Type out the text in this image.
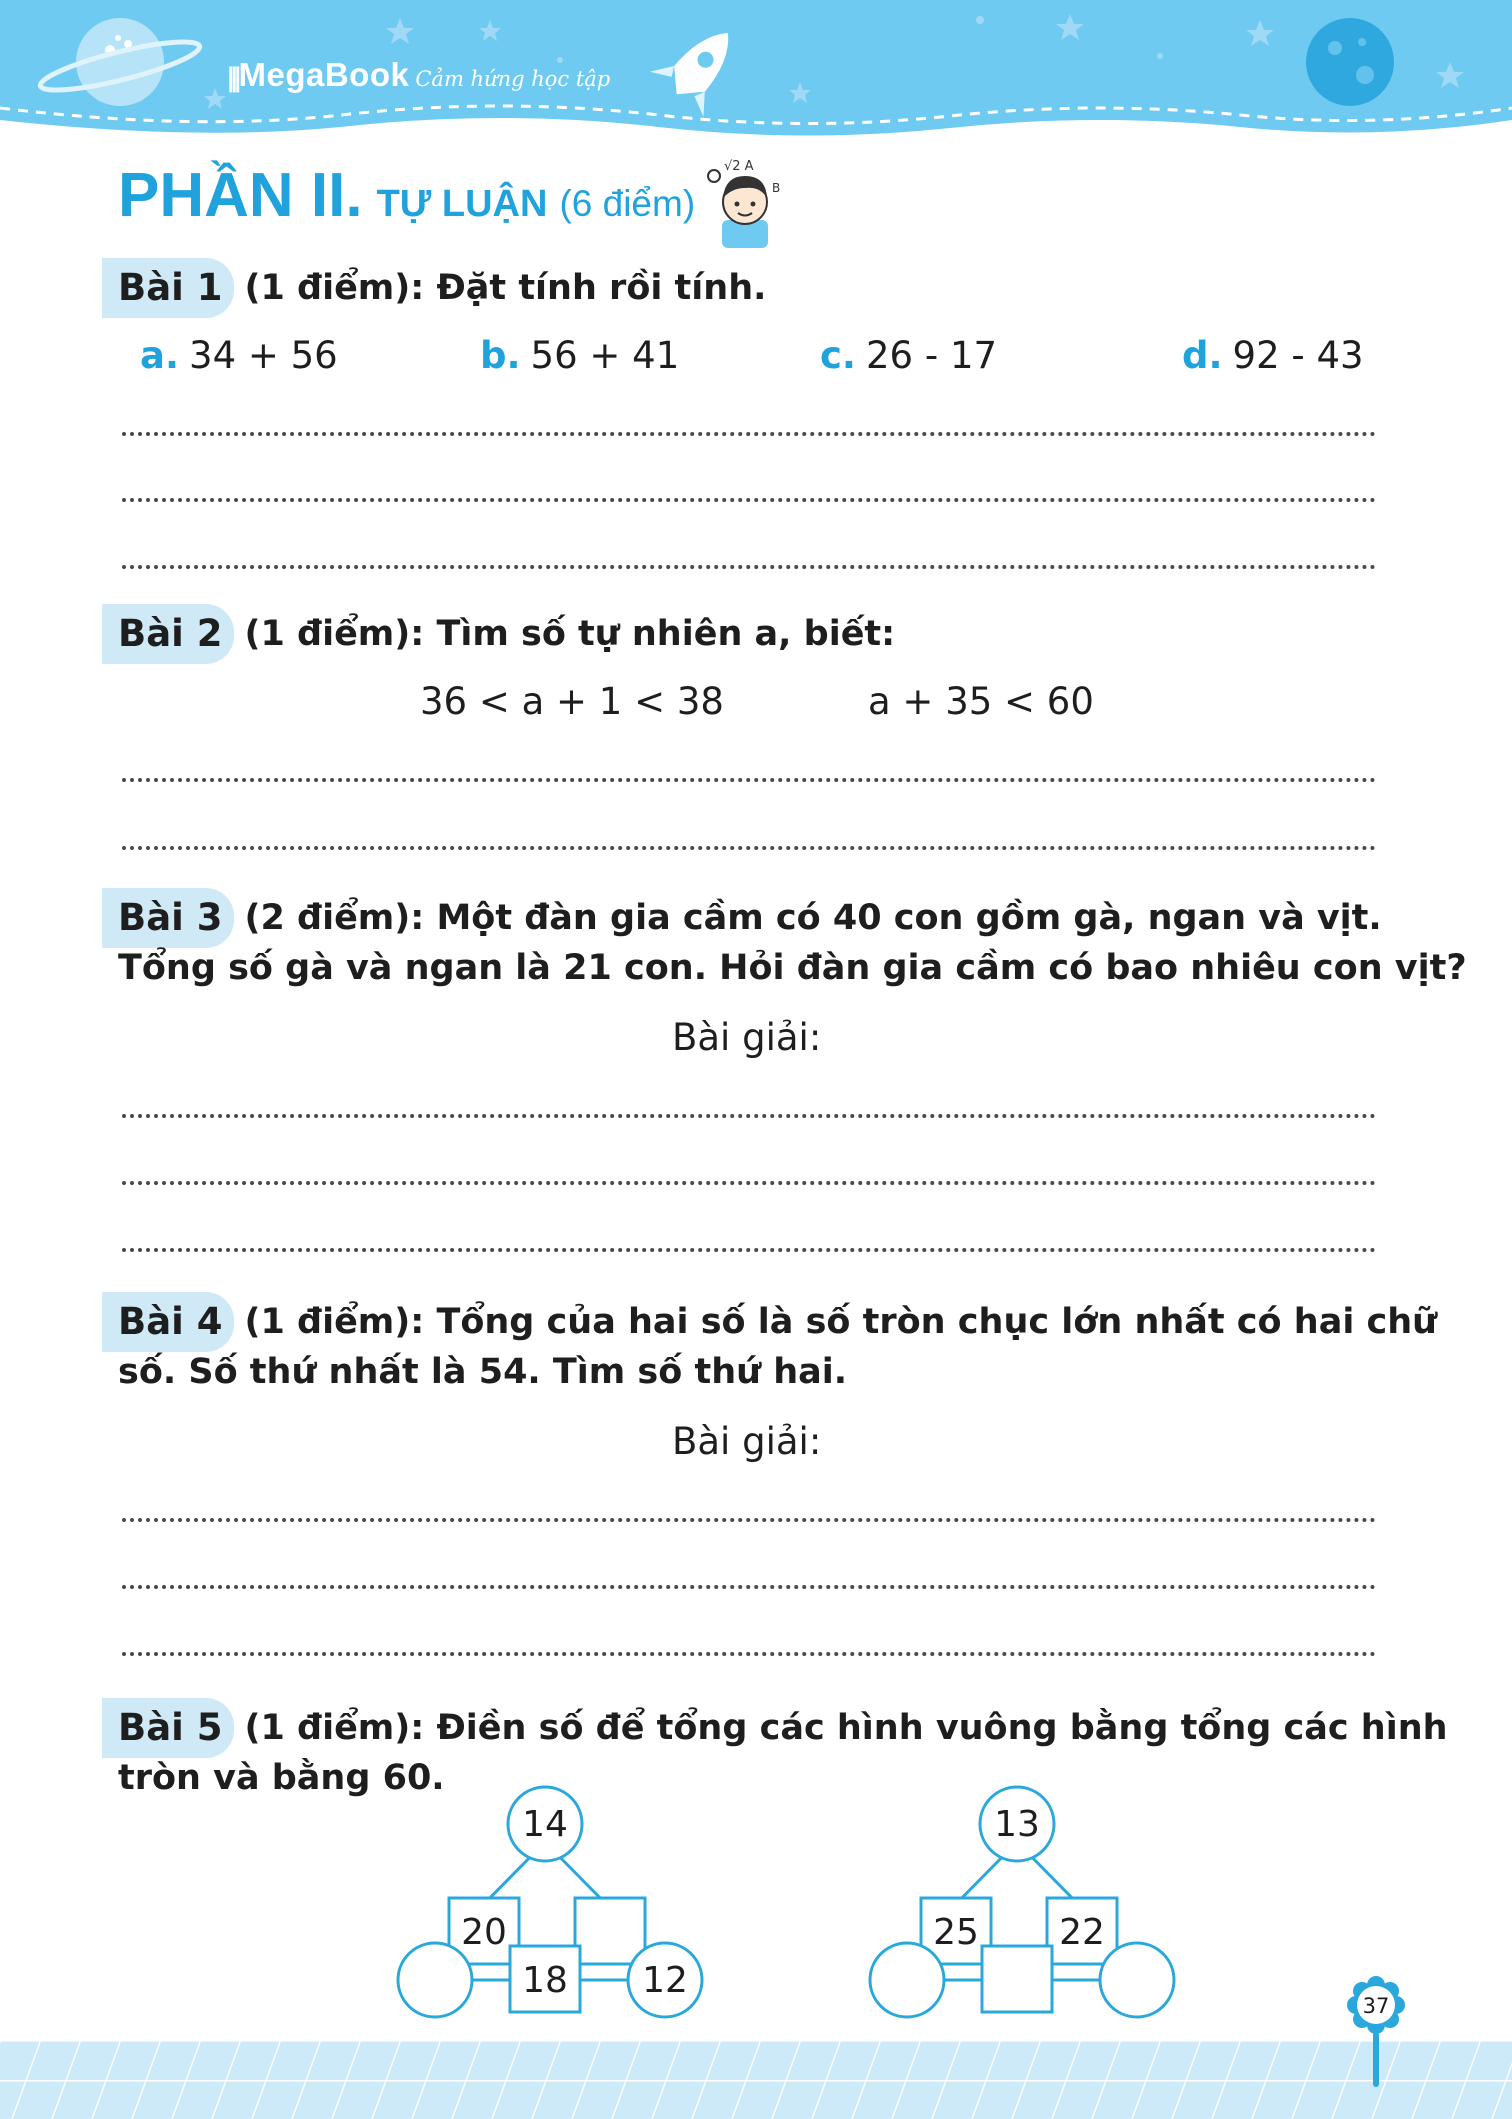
||| MegaBook Cảm hứng học tập
PHẦN II. TỰ LUẬN (6 điểm)
√2 A
B
Bài 1 (1 điểm): Đặt tính rồi tính.
a. 34 + 56	b. 56 + 41	c. 26 - 17	d. 92 - 43
Bài 2 (1 điểm): Tìm số tự nhiên a, biết:
36 < a + 1 < 38	a + 35 < 60
Bài 3 (2 điểm): Một đàn gia cầm có 40 con gồm gà, ngan và vịt.
Tổng số gà và ngan là 21 con. Hỏi đàn gia cầm có bao nhiêu con vịt?
Bài giải:
Bài 4 (1 điểm): Tổng của hai số là số tròn chục lớn nhất có hai chữ
số. Số thứ nhất là 54. Tìm số thứ hai.
Bài giải:
Bài 5 (1 điểm): Điền số để tổng các hình vuông bằng tổng các hình
tròn và bằng 60.
14
20
18 12
13
25 22
37
